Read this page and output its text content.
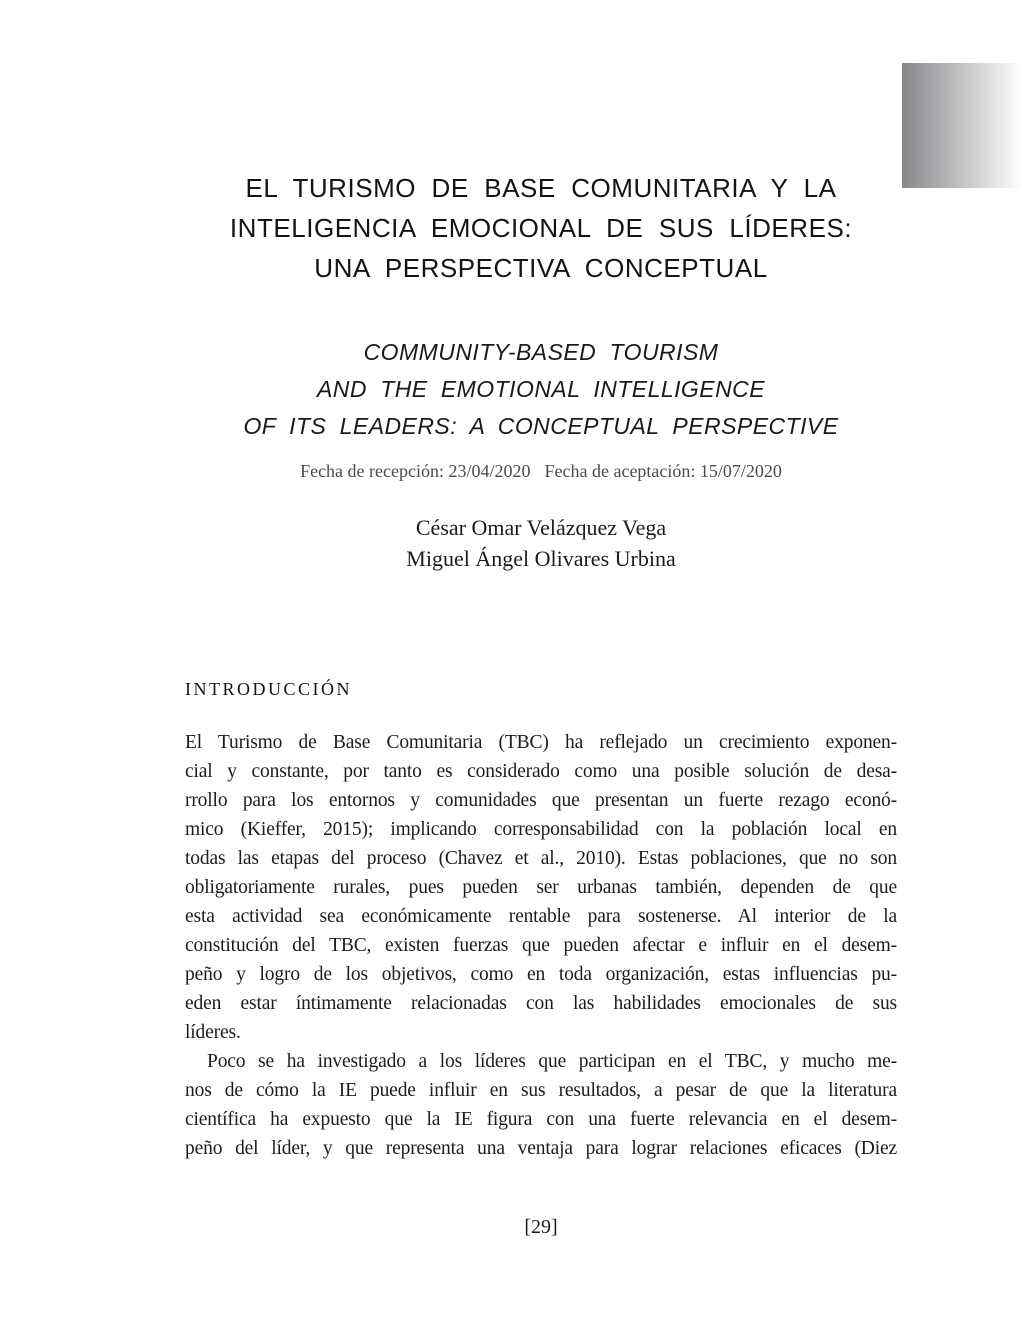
EL TURISMO DE BASE COMUNITARIA Y LA
INTELIGENCIA EMOCIONAL DE SUS LÍDERES:
UNA PERSPECTIVA CONCEPTUAL
COMMUNITY-BASED TOURISM
AND THE EMOTIONAL INTELLIGENCE
OF ITS LEADERS: A CONCEPTUAL PERSPECTIVE
Fecha de recepción: 23/04/2020 Fecha de aceptación: 15/07/2020
César Omar Velázquez Vega
Miguel Ángel Olivares Urbina
INTRODUCCIÓN
El Turismo de Base Comunitaria (TBC) ha reflejado un crecimiento exponen-
cial y constante, por tanto es considerado como una posible solución de desa-
rrollo para los entornos y comunidades que presentan un fuerte rezago econó-
mico (Kieffer, 2015); implicando corresponsabilidad con la población local en
todas las etapas del proceso (Chavez et al., 2010). Estas poblaciones, que no son
obligatoriamente rurales, pues pueden ser urbanas también, dependen de que
esta actividad sea económicamente rentable para sostenerse. Al interior de la
constitución del TBC, existen fuerzas que pueden afectar e influir en el desem-
peño y logro de los objetivos, como en toda organización, estas influencias pu-
eden estar íntimamente relacionadas con las habilidades emocionales de sus
líderes.
Poco se ha investigado a los líderes que participan en el TBC, y mucho me-
nos de cómo la IE puede influir en sus resultados, a pesar de que la literatura
científica ha expuesto que la IE figura con una fuerte relevancia en el desem-
peño del líder, y que representa una ventaja para lograr relaciones eficaces (Diez
[29]
